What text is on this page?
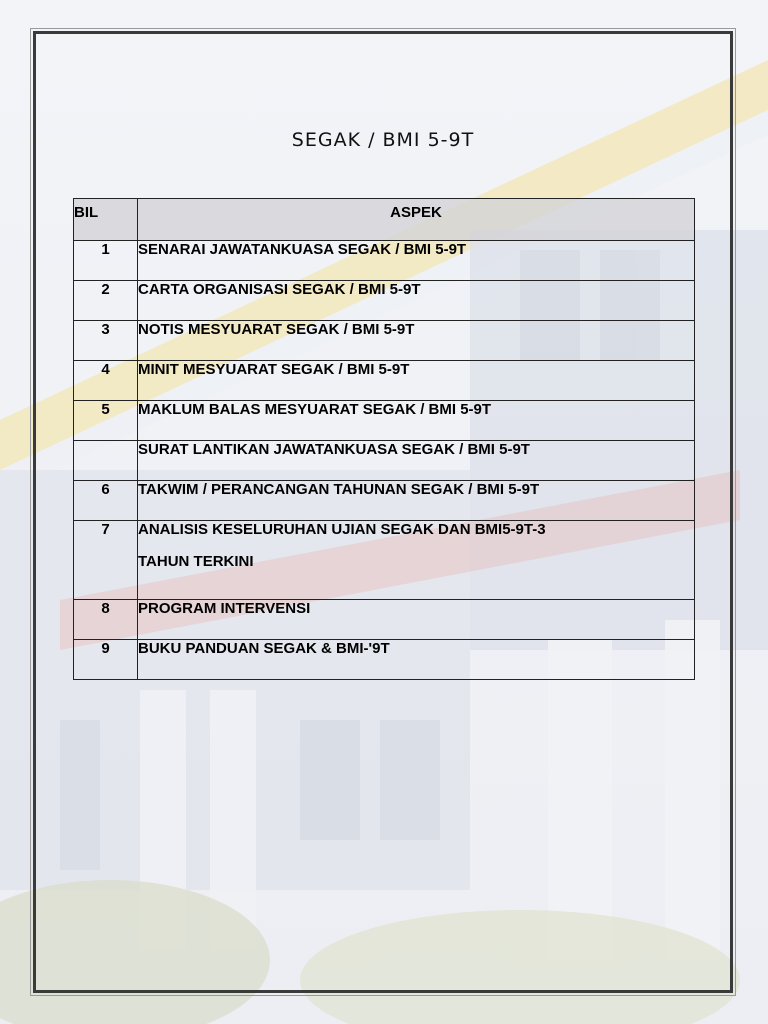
SEGAK / BMI 5-9T
BIL	ASPEK
1	SENARAI JAWATANKUASA SEGAK / BMI 5-9T
2	CARTA ORGANISASI SEGAK / BMI 5-9T
3	NOTIS MESYUARAT SEGAK / BMI 5-9T
4	MINIT MESYUARAT SEGAK / BMI 5-9T
5	MAKLUM BALAS MESYUARAT SEGAK / BMI 5-9T
	SURAT LANTIKAN JAWATANKUASA SEGAK / BMI 5-9T
6	TAKWIM / PERANCANGAN TAHUNAN SEGAK / BMI 5-9T
7	ANALISIS KESELURUHAN UJIAN SEGAK DAN BMI5-9T-3
TAHUN TERKINI

8	PROGRAM INTERVENSI
9	BUKU PANDUAN SEGAK & BMI-'9T
